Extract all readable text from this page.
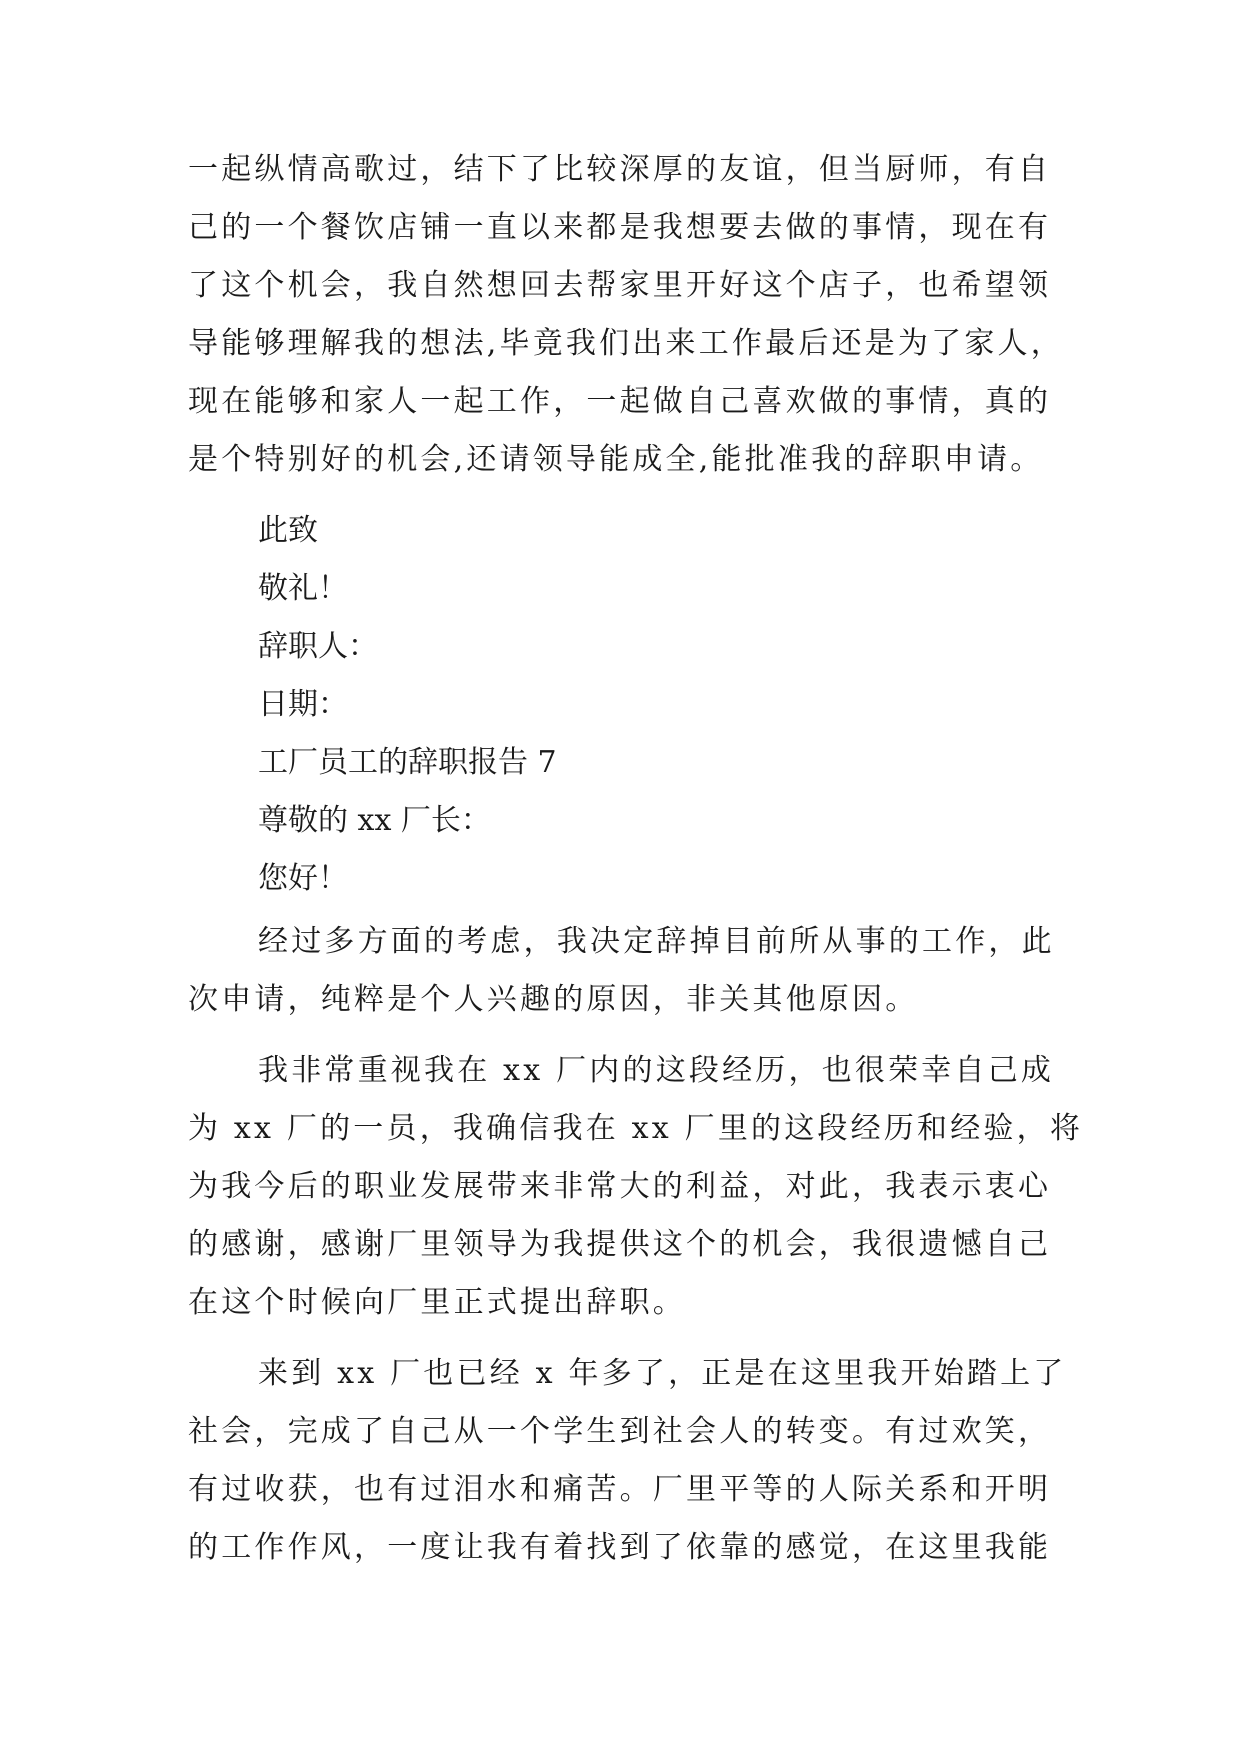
一起纵情高歌过，结下了比较深厚的友谊，但当厨师，有自
己的一个餐饮店铺一直以来都是我想要去做的事情，现在有
了这个机会，我自然想回去帮家里开好这个店子，也希望领
导能够理解我的想法,毕竟我们出来工作最后还是为了家人，
现在能够和家人一起工作，一起做自己喜欢做的事情，真的
是个特别好的机会,还请领导能成全,能批准我的辞职申请。
此致
敬礼！
辞职人：
日期：
工厂员工的辞职报告 7
尊敬的 xx 厂长：
您好！
经过多方面的考虑，我决定辞掉目前所从事的工作，此
次申请，纯粹是个人兴趣的原因，非关其他原因。
我非常重视我在 xx 厂内的这段经历，也很荣幸自己成
为 xx 厂的一员，我确信我在 xx 厂里的这段经历和经验，将
为我今后的职业发展带来非常大的利益，对此，我表示衷心
的感谢，感谢厂里领导为我提供这个的机会，我很遗憾自己
在这个时候向厂里正式提出辞职。
来到 xx 厂也已经 x 年多了，正是在这里我开始踏上了
社会，完成了自己从一个学生到社会人的转变。有过欢笑，
有过收获，也有过泪水和痛苦。厂里平等的人际关系和开明
的工作作风，一度让我有着找到了依靠的感觉，在这里我能
